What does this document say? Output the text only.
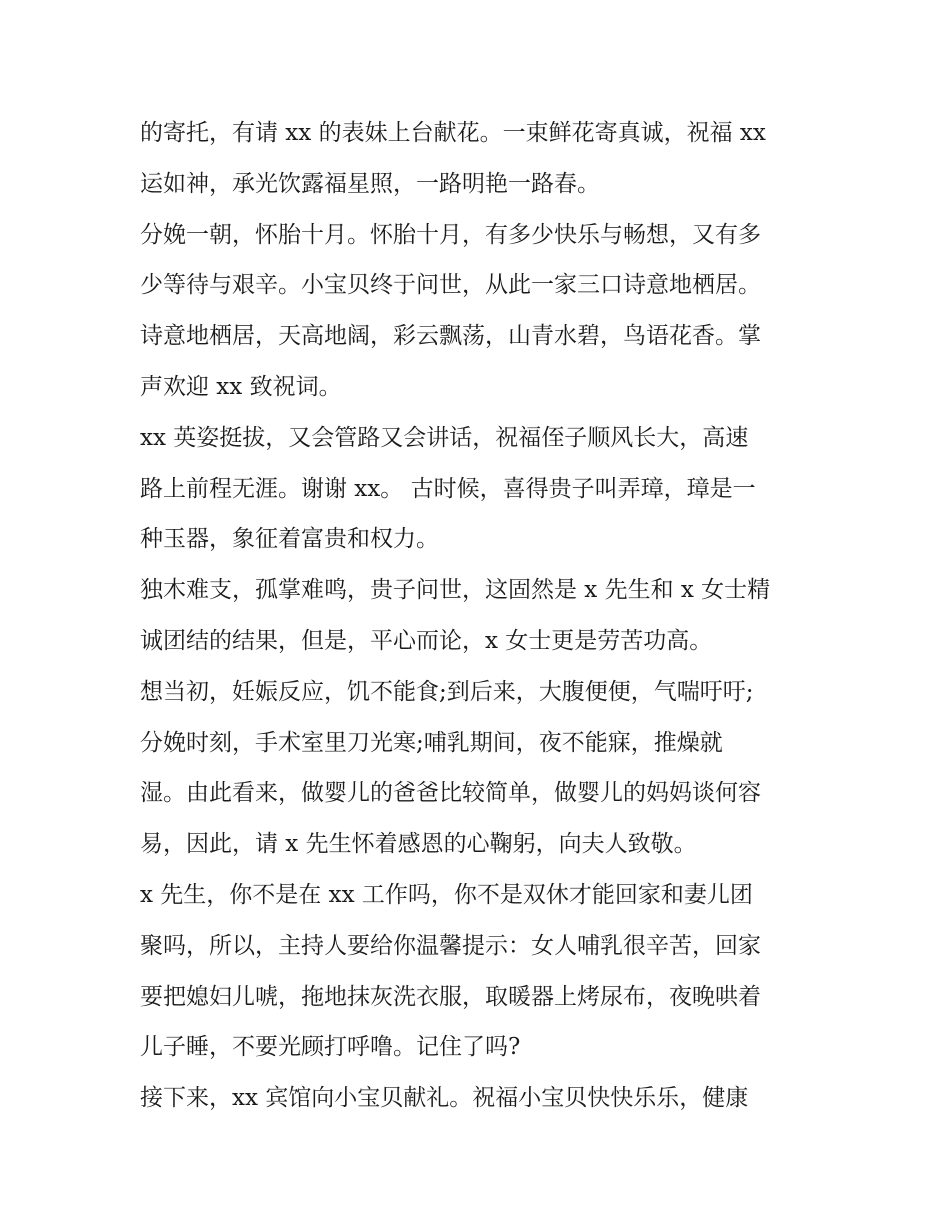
的寄托，有请 xx 的表妹上台献花。一束鲜花寄真诚，祝福 xx
运如神，承光饮露福星照，一路明艳一路春。
分娩一朝，怀胎十月。怀胎十月，有多少快乐与畅想，又有多
少等待与艰辛。小宝贝终于问世，从此一家三口诗意地栖居。
诗意地栖居，天高地阔，彩云飘荡，山青水碧，鸟语花香。掌
声欢迎 xx 致祝词。
xx 英姿挺拔，又会管路又会讲话，祝福侄子顺风长大，高速
路上前程无涯。谢谢 xx。 古时候，喜得贵子叫弄璋，璋是一
种玉器，象征着富贵和权力。
独木难支，孤掌难鸣，贵子问世，这固然是 x 先生和 x 女士精
诚团结的结果，但是，平心而论，x 女士更是劳苦功高。
想当初，妊娠反应，饥不能食;到后来，大腹便便，气喘吁吁;
分娩时刻，手术室里刀光寒;哺乳期间，夜不能寐，推燥就
湿。由此看来，做婴儿的爸爸比较简单，做婴儿的妈妈谈何容
易，因此，请 x 先生怀着感恩的心鞠躬，向夫人致敬。
x 先生，你不是在 xx 工作吗，你不是双休才能回家和妻儿团
聚吗，所以，主持人要给你温馨提示：女人哺乳很辛苦，回家
要把媳妇儿唬，拖地抹灰洗衣服，取暖器上烤尿布，夜晚哄着
儿子睡，不要光顾打呼噜。记住了吗?
接下来，xx 宾馆向小宝贝献礼。祝福小宝贝快快乐乐，健康
